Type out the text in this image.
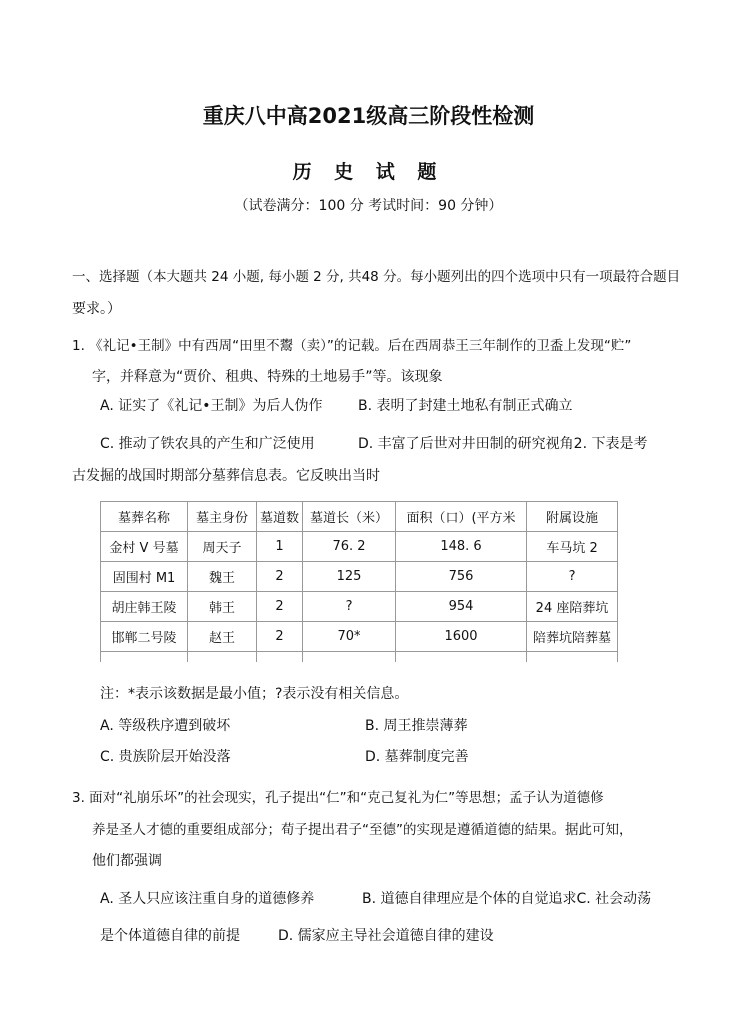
重庆八中高2021级高三阶段性检测
历 史 试 题
（试卷满分：100 分 考试时间：90 分钟）
一、选择题（本大题共 24 小题, 每小题 2 分, 共48 分。每小题列出的四个选项中只有一项最符合题目
要求。）
1. 《礼记•王制》中有西周“田里不鬻（卖）”的记载。后在西周恭王三年制作的卫盉上发现“贮”
字，并释意为“贾价、租典、特殊的土地易手”等。该现象
A. 证实了《礼记•王制》为后人伪作	B. 表明了封建土地私有制正式确立
C. 推动了铁农具的产生和广泛使用	D. 丰富了后世对井田制的研究视角2. 下表是考
古发掘的战国时期部分墓葬信息表。它反映出当时
墓葬名称	墓主身份	墓道数	墓道长（米）	面积（口）(平方米	附属设施
金村 V 号墓	周天子	1	76. 2	148. 6	车马坑 2
固围村 M1	魏王	2	125	756	?
胡庄韩王陵	韩王	2	?	954	24 座陪葬坑
邯郸二号陵	赵王	2	70*	1600	陪葬坑陪葬墓

注：*表示该数据是最小值；?表示没有相关信息。
A. 等级秩序遭到破坏	B. 周王推崇薄葬
C. 贵族阶层开始没落	D. 墓葬制度完善
3. 面对“礼崩乐坏”的社会现实，孔子提出“仁”和“克己复礼为仁”等思想；孟子认为道德修
养是圣人才德的重要组成部分；荀子提出君子“至德”的实现是遵循道德的結果。据此可知，
他们都强调
A. 圣人只应该注重自身的道德修养	B. 道德自律理应是个体的自觉追求C. 社会动荡
是个体道德自律的前提	D. 儒家应主导社会道德自律的建设
